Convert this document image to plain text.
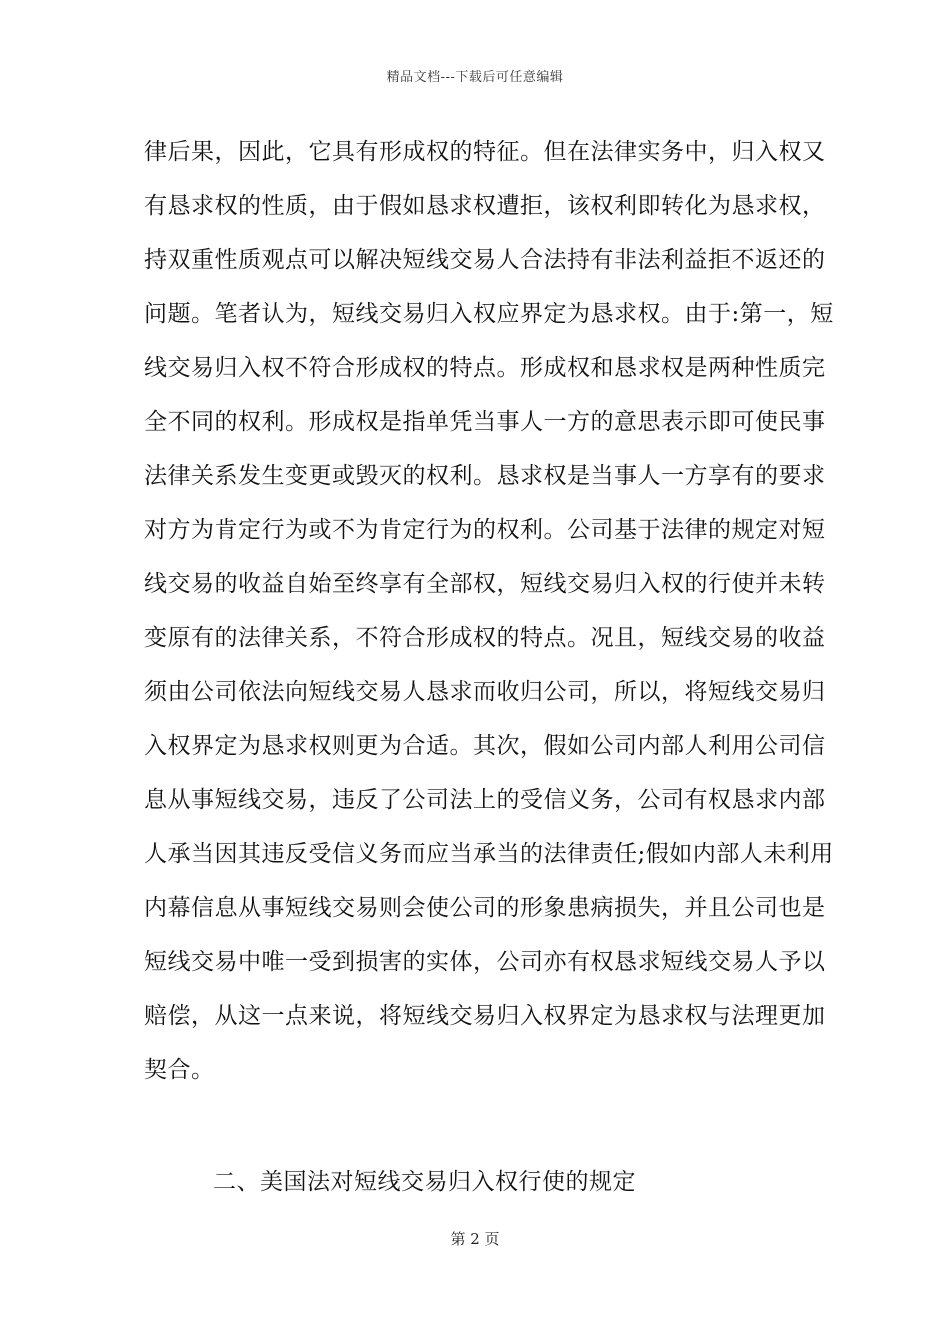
精品文档---下载后可任意编辑
律后果，因此，它具有形成权的特征。但在法律实务中，归入权又
有恳求权的性质，由于假如恳求权遭拒，该权利即转化为恳求权，
持双重性质观点可以解决短线交易人合法持有非法利益拒不返还的
问题。笔者认为，短线交易归入权应界定为恳求权。由于:第一，短
线交易归入权不符合形成权的特点。形成权和恳求权是两种性质完
全不同的权利。形成权是指单凭当事人一方的意思表示即可使民事
法律关系发生变更或毁灭的权利。恳求权是当事人一方享有的要求
对方为肯定行为或不为肯定行为的权利。公司基于法律的规定对短
线交易的收益自始至终享有全部权，短线交易归入权的行使并未转
变原有的法律关系，不符合形成权的特点。况且，短线交易的收益
须由公司依法向短线交易人恳求而收归公司，所以，将短线交易归
入权界定为恳求权则更为合适。其次，假如公司内部人利用公司信
息从事短线交易，违反了公司法上的受信义务，公司有权恳求内部
人承当因其违反受信义务而应当承当的法律责任;假如内部人未利用
内幕信息从事短线交易则会使公司的形象患病损失，并且公司也是
短线交易中唯一受到损害的实体，公司亦有权恳求短线交易人予以
赔偿，从这一点来说，将短线交易归入权界定为恳求权与法理更加
契合。
二、美国法对短线交易归入权行使的规定
第 2 页
